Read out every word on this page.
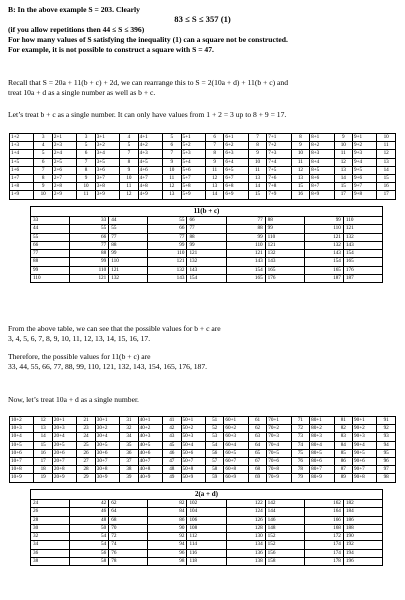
B: In the above example S = 203. Clearly
83 ≤ S ≤ 357 (1)
(if you allow repetitions then 44 ≤ S ≤ 396)
For how many values of S satisfying the inequality (1) can a square not be constructed.
For example, it is not possible to construct a square with S = 47.
Recall that S = 20a + 11(b + c) + 2d, we can rearrange this to S = 2(10a + d) + 11(b + c) and
treat 10a + d as a single number as well as b + c.
Let’s treat b + c as a single number. It can only have values from 1 + 2 = 3 up to 8 + 9 = 17.
1+2	3	2+1	3	3+1	4	4+1	5	5+1	6	6+1	7	7+1	8	8+1	9	9+1	10
1+3	4	2+3	5	3+2	5	4+2	6	5+2	7	6+2	8	7+2	9	8+2	10	9+2	11
1+4	5	2+4	6	3+4	7	4+3	7	5+3	8	6+3	9	7+3	10	8+3	11	9+3	12
1+5	6	2+5	7	3+5	8	4+5	9	5+4	9	6+4	10	7+4	11	8+4	12	9+4	13
1+6	7	2+6	8	3+6	9	4+6	10	5+6	11	6+5	11	7+5	12	8+5	13	9+5	14
1+7	8	2+7	9	3+7	10	4+7	11	5+7	12	6+7	13	7+6	13	8+6	14	9+6	15
1+8	9	2+8	10	3+8	11	4+8	12	5+8	13	6+8	14	7+8	15	8+7	15	9+7	16
1+9	10	2+9	11	3+9	12	4+9	13	5+9	14	6+9	15	7+9	16	8+9	17	9+8	17
11(b + c)								
33	33	44	55	66	77	88	99	110
44	55	55	66	77	88	99	110	121
55	66	77	77	88	99	110	121	132
66	77	88	99	99	110	121	132	143
77	88	99	110	121	121	132	143	154
88	99	110	121	132	143	143	154	165
99	110	121	132	143	154	165	165	176
110	121	132	143	154	165	176	187	187
From the above table, we can see that the possible values for b + c are
3, 4, 5, 6, 7, 8, 9, 10, 11, 12, 13, 14, 15, 16, 17.
Therefore, the possible values for 11(b + c) are
33, 44, 55, 66, 77, 88, 99, 110, 121, 132, 143, 154, 165, 176, 187.
Now, let’s treat 10a + d as a single number.
10+2	12	20+1	21	30+1	31	40+1	41	50+1	51	60+1	61	70+1	71	80+1	81	90+1	91
10+3	13	20+3	23	30+2	32	40+2	42	50+2	52	60+2	62	70+2	72	80+2	82	90+2	92
10+4	14	20+4	24	30+4	34	40+3	43	50+3	53	60+3	63	70+3	73	80+3	83	90+3	93
10+5	15	20+5	25	30+5	35	40+5	45	50+4	54	60+4	64	70+4	74	80+4	84	90+4	94
10+6	16	20+6	26	30+6	36	40+6	46	50+6	56	60+5	65	70+5	75	80+5	85	90+5	95
10+7	17	20+7	27	30+7	37	40+7	47	50+7	57	60+7	67	70+6	76	80+6	86	90+6	96
10+8	18	20+8	28	30+8	38	40+8	48	50+8	58	60+8	68	70+8	78	80+7	87	90+7	97
10+9	19	20+9	29	30+9	39	40+9	49	50+9	59	60+9	69	70+9	79	80+9	89	90+8	98
2(a + d)								
24	42	62	82	102	122	142	162	182
26	46	64	84	104	124	144	164	184
28	48	68	86	106	126	146	166	186
30	50	70	90	108	128	148	168	188
32	54	72	92	112	130	152	172	190
34	54	74	94	114	134	152	174	192
36	56	76	96	116	136	156	174	194
38	58	78	98	118	138	158	178	196
